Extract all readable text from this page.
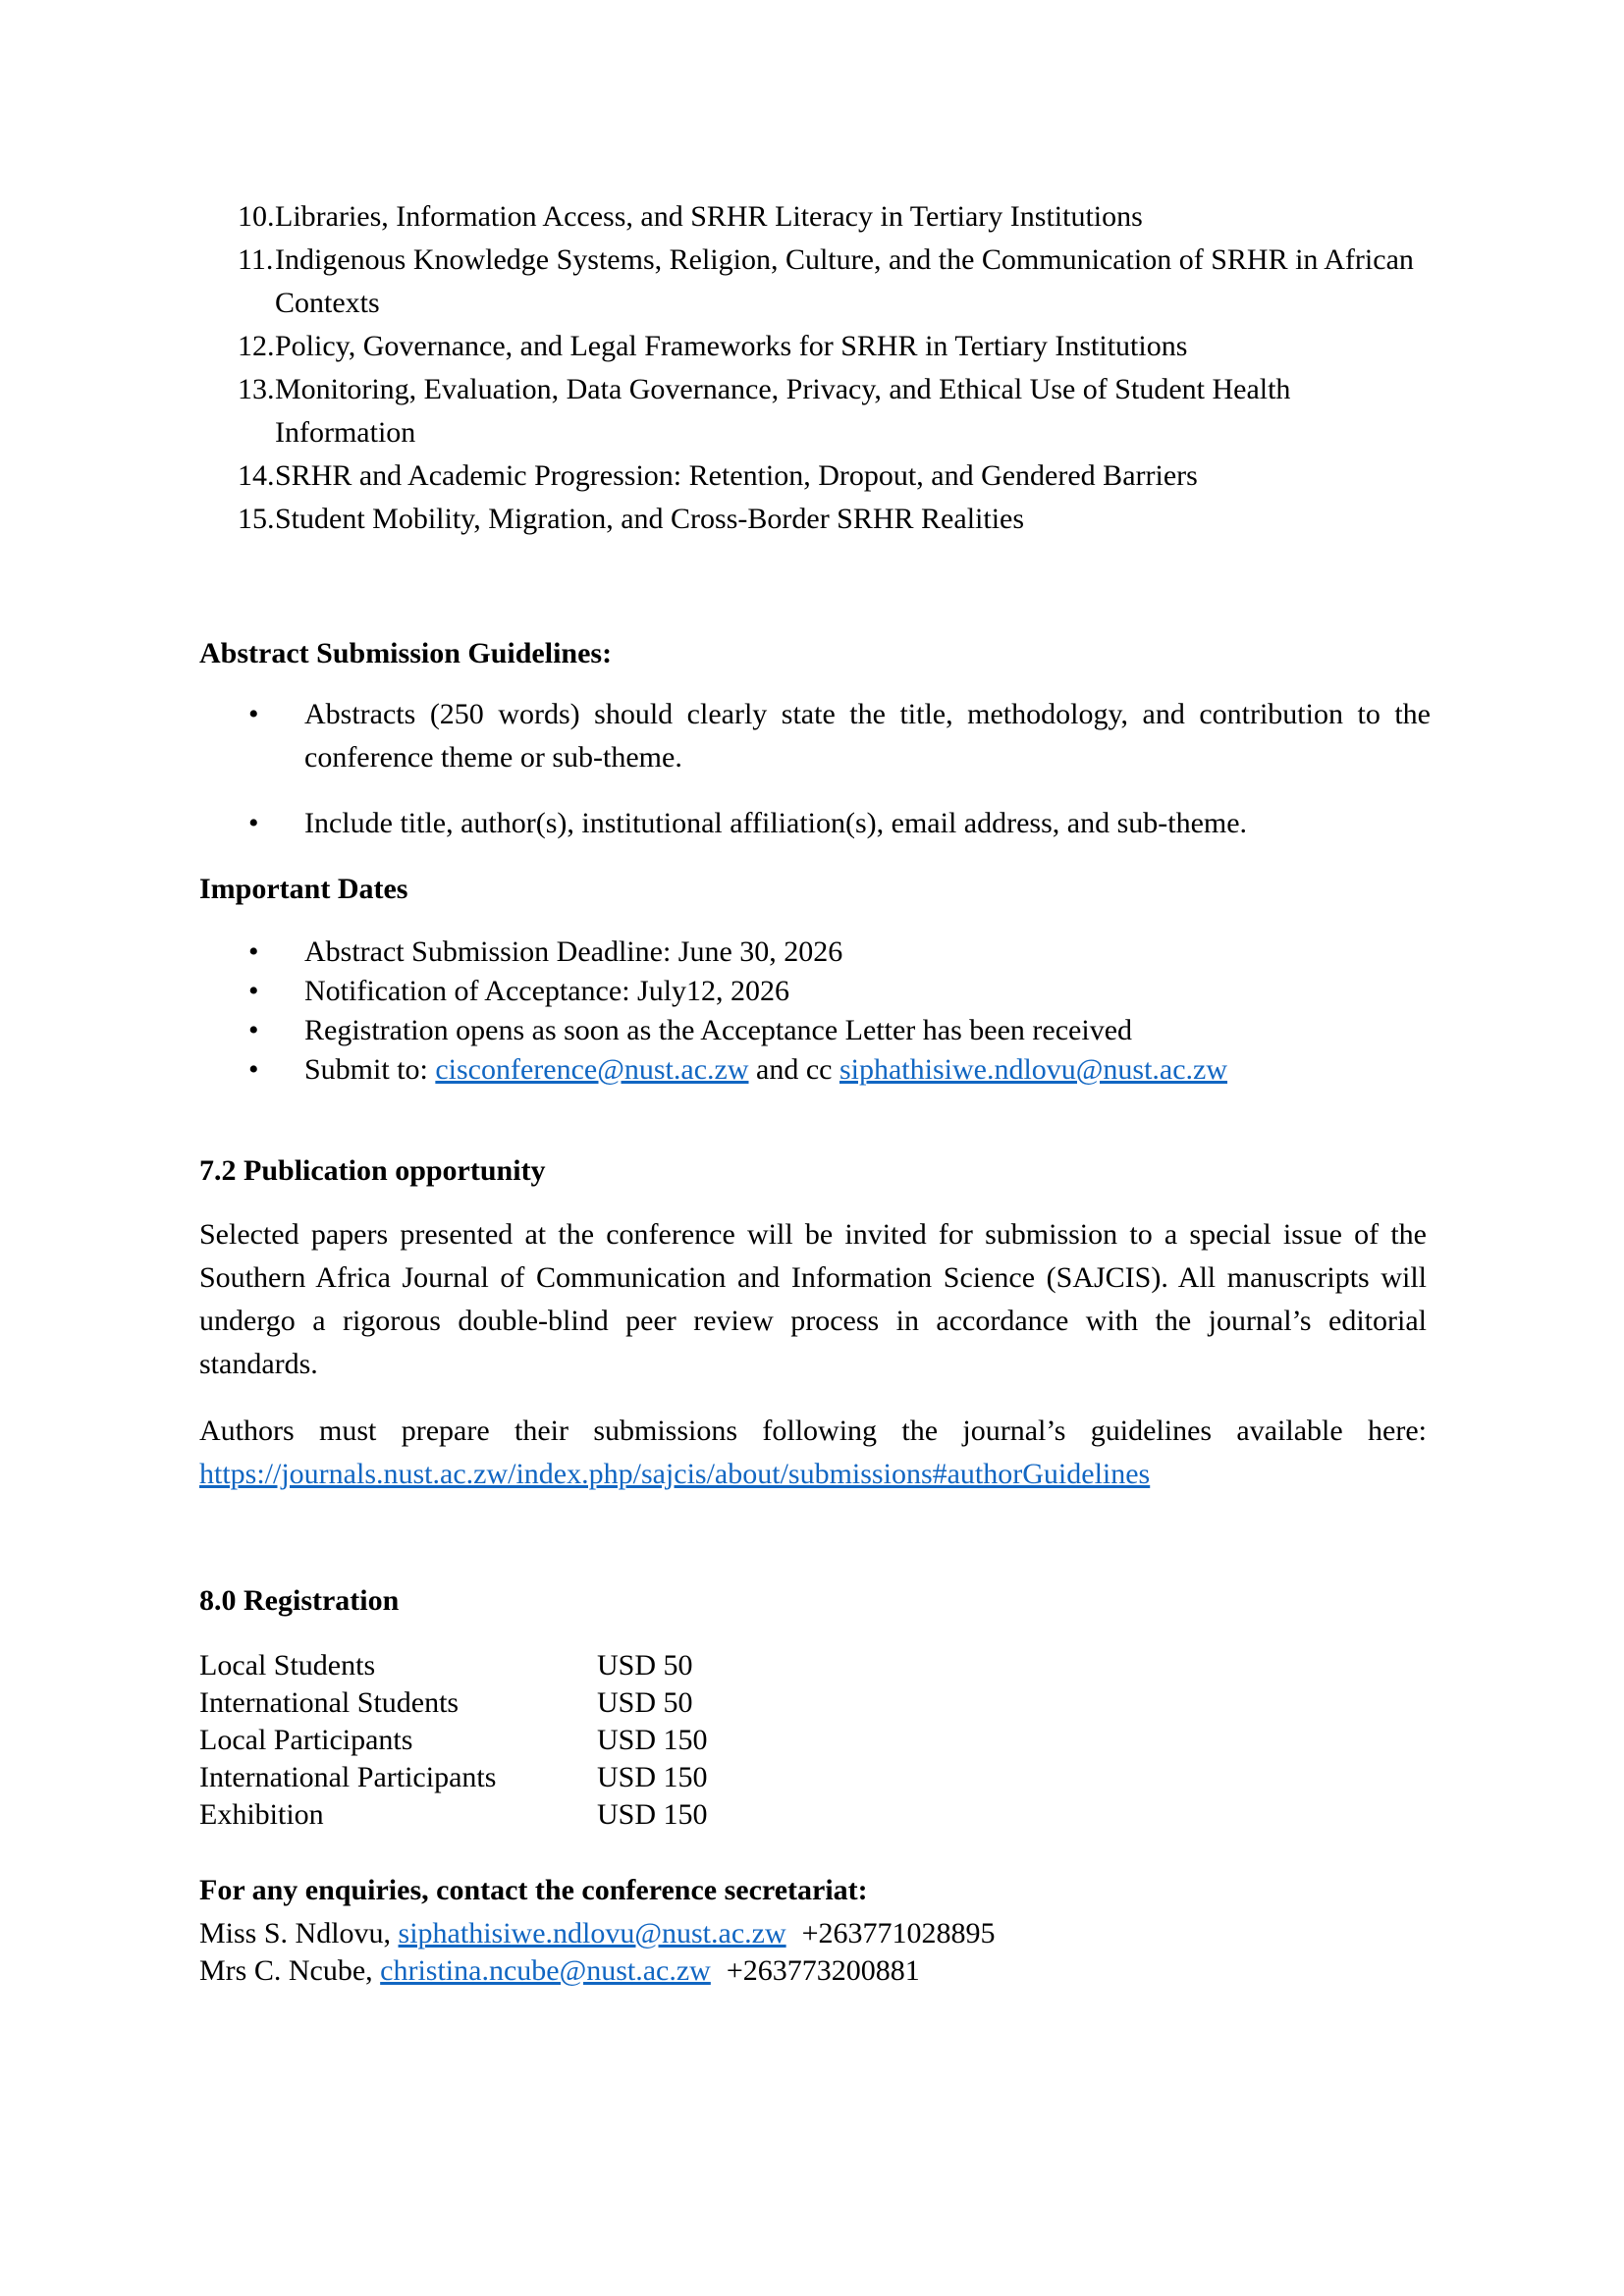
10. Libraries, Information Access, and SRHR Literacy in Tertiary Institutions
11. Indigenous Knowledge Systems, Religion, Culture, and the Communication of SRHR in African Contexts
12. Policy, Governance, and Legal Frameworks for SRHR in Tertiary Institutions
13. Monitoring, Evaluation, Data Governance, Privacy, and Ethical Use of Student Health Information
14. SRHR and Academic Progression: Retention, Dropout, and Gendered Barriers
15. Student Mobility, Migration, and Cross-Border SRHR Realities
Abstract Submission Guidelines:
•	Abstracts (250 words) should clearly state the title, methodology, and contribution to the conference theme or sub-theme.
•	Include title, author(s), institutional affiliation(s), email address, and sub-theme.
Important Dates
•	Abstract Submission Deadline: June 30, 2026
•	Notification of Acceptance: July12, 2026
•	Registration opens as soon as the Acceptance Letter has been received
•	Submit to: cisconference@nust.ac.zw and cc siphathisiwe.ndlovu@nust.ac.zw
7.2 Publication opportunity

Selected papers presented at the conference will be invited for submission to a special issue of the Southern Africa Journal of Communication and Information Science (SAJCIS). All manuscripts will undergo a rigorous double-blind peer review process in accordance with the journal’s editorial standards.

Authors must prepare their submissions following the journal’s guidelines available here: https://journals.nust.ac.zw/index.php/sajcis/about/submissions#authorGuidelines

8.0 Registration
Local Students	USD 50
International Students	USD 50
Local Participants	USD 150
International Participants	USD 150
Exhibition	USD 150
For any enquiries, contact the conference secretariat:

Miss S. Ndlovu, siphathisiwe.ndlovu@nust.ac.zw +263771028895

Mrs C. Ncube, christina.ncube@nust.ac.zw +263773200881
